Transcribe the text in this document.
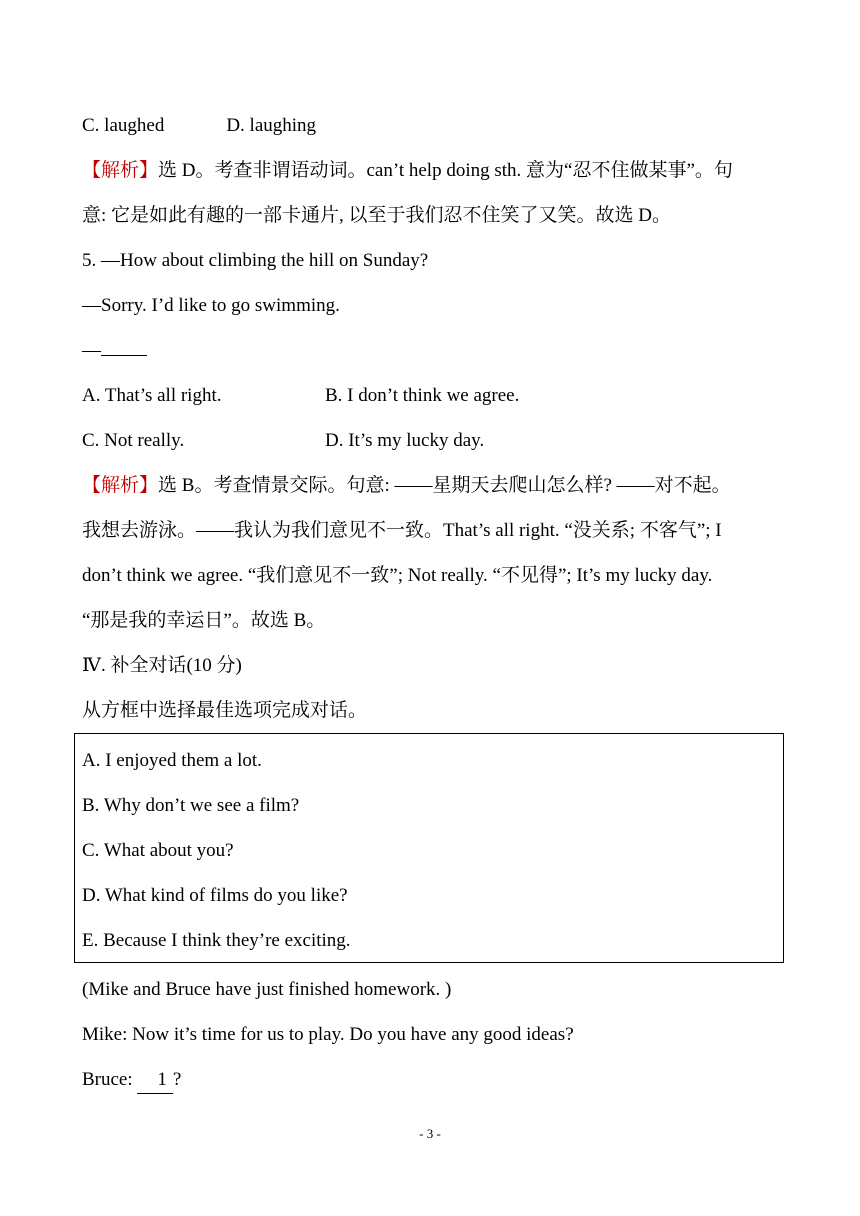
C. laughed	D. laughing
【解析】选 D。考查非谓语动词。can’t help doing sth. 意为“忍不住做某事”。句
意: 它是如此有趣的一部卡通片, 以至于我们忍不住笑了又笑。故选 D。
5. —How about climbing the hill on Sunday?
—Sorry. I’d like to go swimming.
—
A. That’s all right.	B. I don’t think we agree.
C. Not really.	D. It’s my lucky day.
【解析】选 B。考查情景交际。句意: ——星期天去爬山怎么样? ——对不起。
我想去游泳。——我认为我们意见不一致。That’s all right. “没关系; 不客气”; I
don’t think we agree. “我们意见不一致”; Not really. “不见得”; It’s my lucky day.
“那是我的幸运日”。故选 B。
Ⅳ. 补全对话(10 分)
从方框中选择最佳选项完成对话。
A. I enjoyed them a lot.
B. Why don’t we see a film?
C. What about you?
D. What kind of films do you like?
E. Because I think they’re exciting.
(Mike and Bruce have just finished homework. )
Mike: Now it’s time for us to play. Do you have any good ideas?
Bruce: 1 ?
- 3 -
